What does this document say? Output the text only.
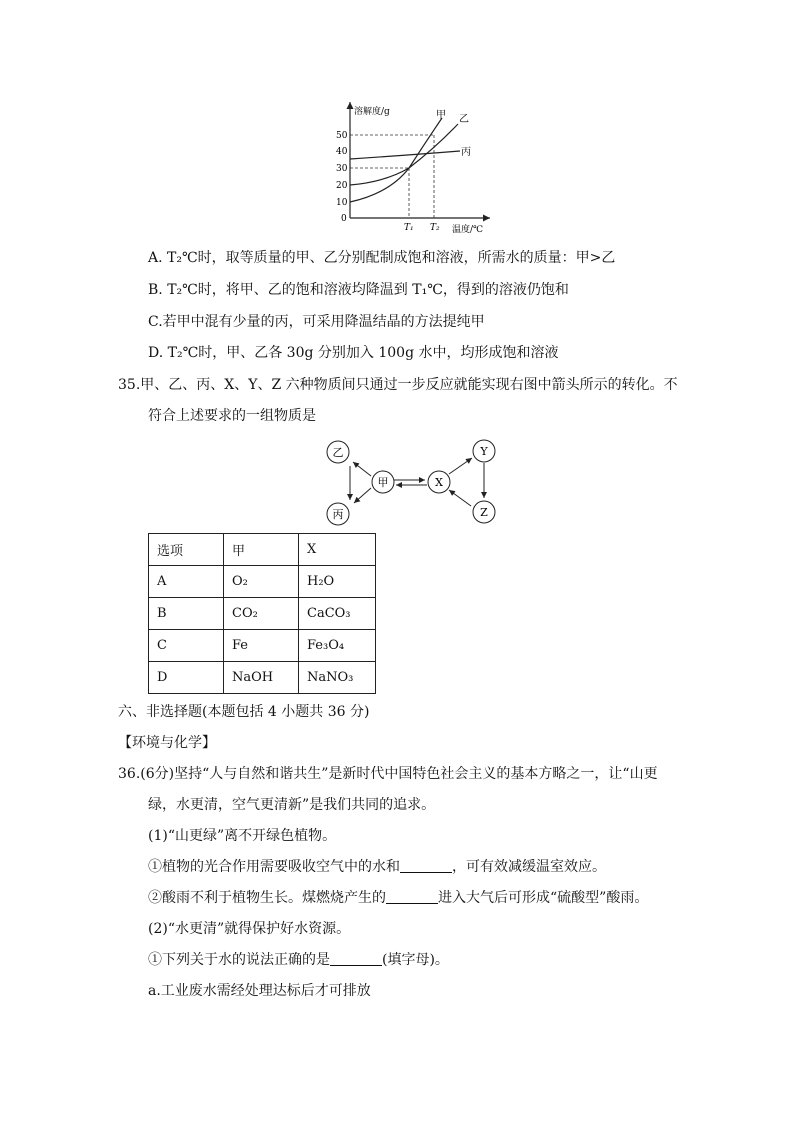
溶解度/g
温度/℃
0
10
20
30
40
50
T₁ T₂
甲 乙
丙
A. T₂℃时，取等质量的甲、乙分别配制成饱和溶液，所需水的质量：甲>乙
B. T₂℃时，将甲、乙的饱和溶液均降温到 T₁℃，得到的溶液仍饱和
C.若甲中混有少量的丙，可采用降温结晶的方法提纯甲
D. T₂℃时，甲、乙各 30g 分别加入 100g 水中，均形成饱和溶液
35.甲、乙、丙、X、Y、Z 六种物质间只通过一步反应就能实现右图中箭头所示的转化。不
符合上述要求的一组物质是
乙
甲
丙
X
Y
Z
选项	甲	X
A	O₂	H₂O
B	CO₂	CaCO₃
C	Fe	Fe₃O₄
D	NaOH	NaNO₃
六、非选择题(本题包括 4 小题共 36 分)
【环境与化学】
36.(6分)坚持“人与自然和谐共生”是新时代中国特色社会主义的基本方略之一，让“山更
绿，水更清，空气更清新”是我们共同的追求。
(1)“山更绿”离不开绿色植物。
①植物的光合作用需要吸收空气中的水和	，可有效减缓温室效应。
②酸雨不利于植物生长。煤燃烧产生的	进入大气后可形成“硫酸型”酸雨。
(2)“水更清”就得保护好水资源。
①下列关于水的说法正确的是	(填字母)。
a.工业废水需经处理达标后才可排放
